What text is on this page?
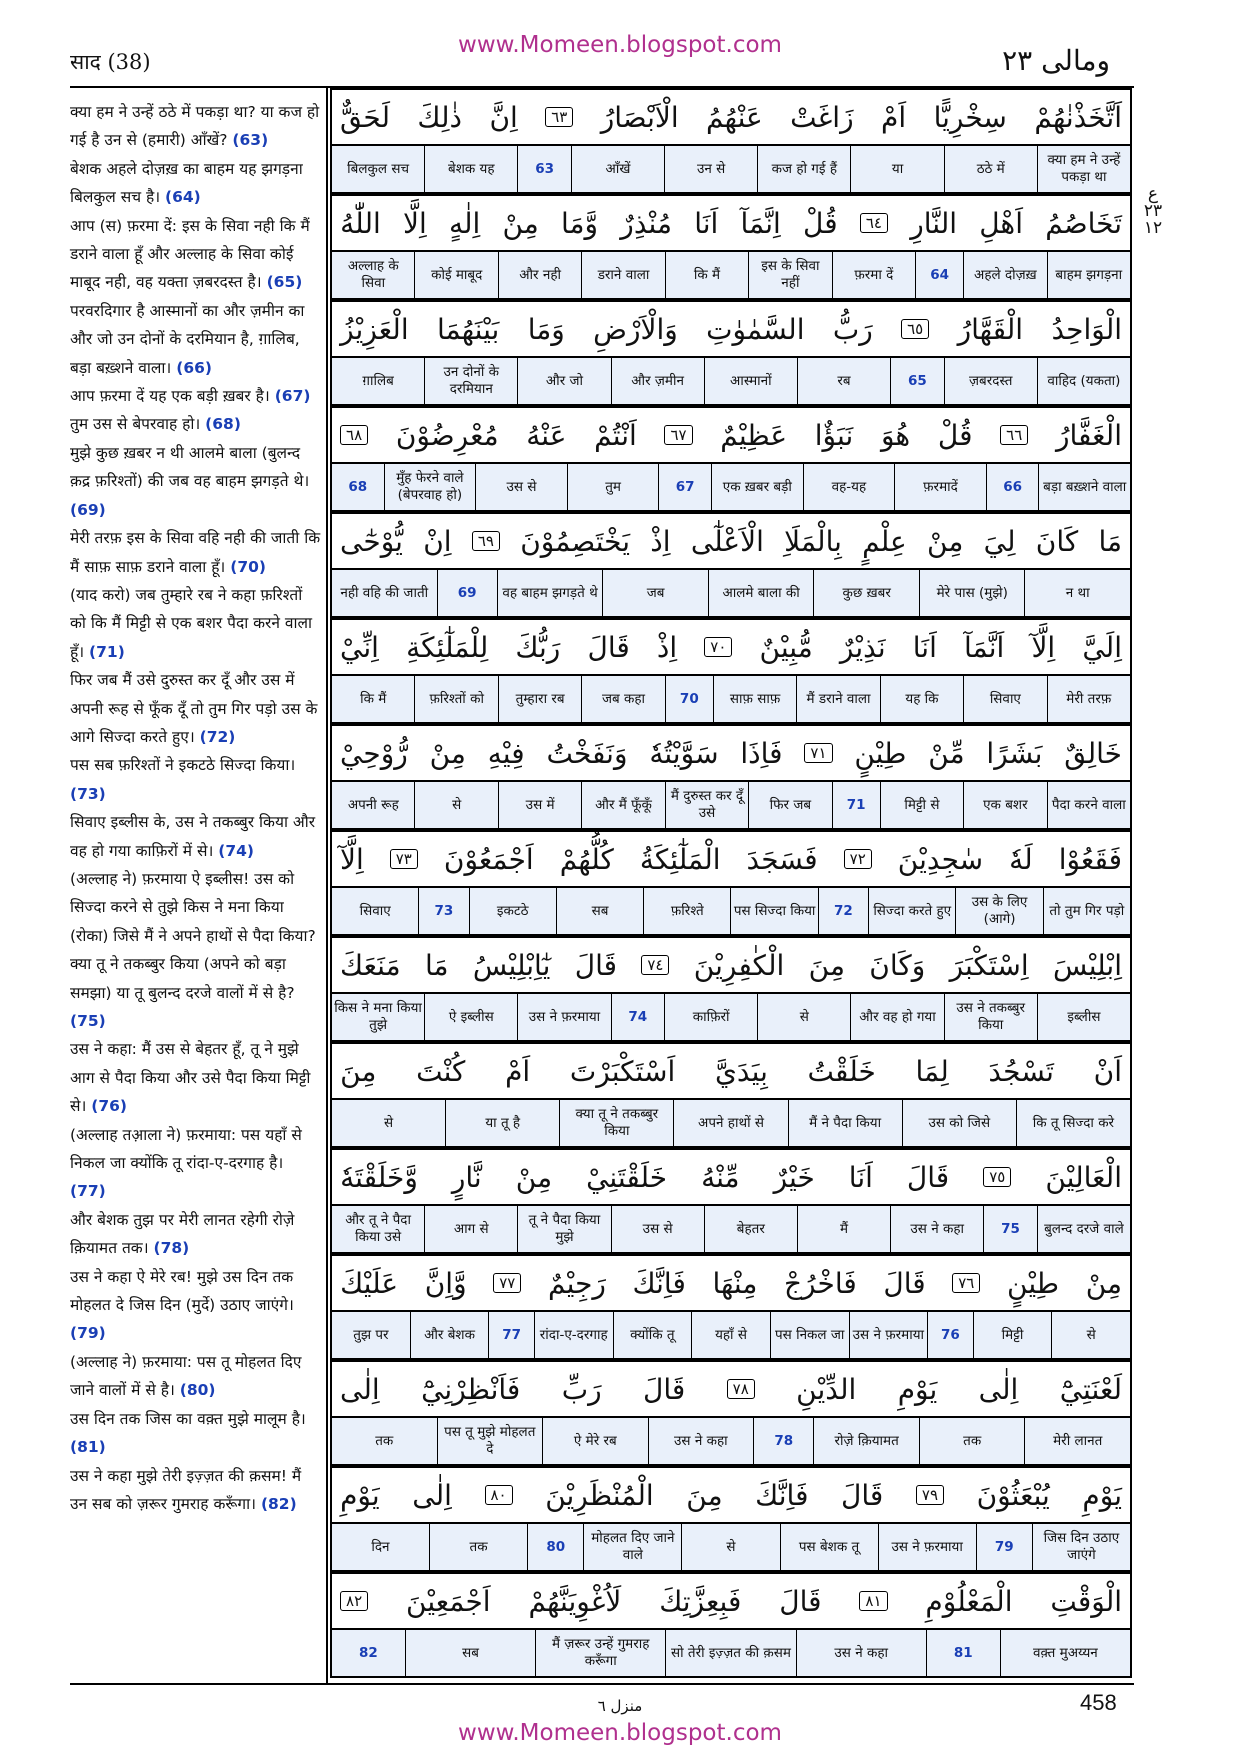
www.Momeen.blogspot.com
साद (38)	ومالى ٢٣
ع
٢٣
١٢

क्या हम ने उन्हें ठठे में पकड़ा था? या कज हो गई है उन से (हमारी) आँखें? (63)

बेशक अहले दोज़ख़ का बाहम यह झगड़ना बिलकुल सच है। (64)

आप (स) फ़रमा दें: इस के सिवा नही कि मैं डराने वाला हूँ और अल्लाह के सिवा कोई माबूद नही, वह यक्ता ज़बरदस्त है। (65)

परवरदिगार है आस्मानों का और ज़मीन का और जो उन दोनों के दरमियान है, ग़ालिब, बड़ा बख़्शने वाला। (66)

आप फ़रमा दें यह एक बड़ी ख़बर है। (67)

तुम उस से बेपरवाह हो। (68)

मुझे कुछ ख़बर न थी आलमे बाला (बुलन्द क़द्र फ़रिश्तों) की जब वह बाहम झगड़ते थे। (69)

मेरी तरफ़ इस के सिवा वहि नही की जाती कि मैं साफ़ साफ़ डराने वाला हूँ। (70)

(याद करो) जब तुम्हारे रब ने कहा फ़रिश्तों को कि मैं मिट्टी से एक बशर पैदा करने वाला हूँ। (71)

फिर जब मैं उसे दुरुस्त कर दूँ और उस में अपनी रूह से फूँक दूँ तो तुम गिर पड़ो उस के आगे सिज्दा करते हुए। (72)

पस सब फ़रिश्तों ने इकटठे सिज्दा किया। (73)

सिवाए इब्लीस के, उस ने तकब्बुर किया और वह हो गया काफ़िरों में से। (74)

(अल्लाह ने) फ़रमाया ऐ इब्लीस! उस को सिज्दा करने से तुझे किस ने मना किया (रोका) जिसे मैं ने अपने हाथों से पैदा किया? क्या तू ने तकब्बुर किया (अपने को बड़ा समझा) या तू बुलन्द दरजे वालों में से है? (75)

उस ने कहा: मैं उस से बेहतर हूँ, तू ने मुझे आग से पैदा किया और उसे पैदा किया मिट्टी से। (76)

(अल्लाह तआ़ला ने) फ़रमाया: पस यहाँ से निकल जा क्योंकि तू रांदा-ए-दरगाह है। (77)

और बेशक तुझ पर मेरी लानत रहेगी रोज़े क़ियामत तक। (78)

उस ने कहा ऐ मेरे रब! मुझे उस दिन तक मोहलत दे जिस दिन (मुर्दे) उठाए जाएंगे। (79)

(अल्लाह ने) फ़रमाया: पस तू मोहलत दिए जाने वालों में से है। (80)

उस दिन तक जिस का वक़्त मुझे मालूम है। (81)

उस ने कहा मुझे तेरी इज़्ज़त की क़सम! मैं उन सब को ज़रूर गुमराह करूँगा। (82)

اَتَّخَذْنٰهُمْ
سِخْرِيًّا
اَمْ
زَاغَتْ
عَنْهُمُ
الْاَبْصَارُ
٦٣
اِنَّ
ذٰلِكَ
لَحَقٌّ
क्या हम ने उन्हें पकड़ा था
ठठे में
या
कज हो गई हैं
उन से
आँखें
63
बेशक यह
बिलकुल सच
تَخَاصُمُ
اَهْلِ
النَّارِ
٦٤
قُلْ
اِنَّمَآ
اَنَا
مُنْذِرٌ
وَّمَا
مِنْ
اِلٰهٍ
اِلَّا
اللّٰهُ
बाहम झगड़ना
अहले दोज़ख़
64
फ़रमा दें
इस के सिवा नहीं
कि मैं
डराने वाला
और नही
कोई माबूद
अल्लाह के सिवा
الْوَاحِدُ
الْقَهَّارُ
٦٥
رَبُّ
السَّمٰوٰتِ
وَالْاَرْضِ
وَمَا
بَيْنَهُمَا
الْعَزِيْزُ
वाहिद (यकता)
ज़बरदस्त
65
रब
आस्मानों
और ज़मीन
और जो
उन दोनों के दरमियान
ग़ालिब
الْغَفَّارُ
٦٦
قُلْ
هُوَ
نَبَؤٌا
عَظِيْمٌ
٦٧
اَنْتُمْ
عَنْهُ
مُعْرِضُوْنَ
٦٨
बड़ा बख़्शने वाला
66
फ़रमादें
वह-यह
एक ख़बर बड़ी
67
तुम
उस से
मुँह फेरने वाले (बेपरवाह हो)
68
مَا
كَانَ
لِيَ
مِنْ
عِلْمٍ
بِالْمَلَاِ
الْاَعْلٰٓى
اِذْ
يَخْتَصِمُوْنَ
٦٩
اِنْ
يُّوْحٰٓى
न था
मेरे पास (मुझे)
कुछ ख़बर
आलमे बाला की
जब
वह बाहम झगड़ते थे
69
नही वहि की जाती
اِلَيَّ
اِلَّآ
اَنَّمَآ
اَنَا
نَذِيْرٌ
مُّبِيْنٌ
٧٠
اِذْ
قَالَ
رَبُّكَ
لِلْمَلٰٓئِكَةِ
اِنِّيْ
मेरी तरफ़
सिवाए
यह कि
मैं डराने वाला
साफ़ साफ़
70
जब कहा
तुम्हारा रब
फ़रिश्तों को
कि मैं
خَالِقٌ
بَشَرًا
مِّنْ
طِيْنٍ
٧١
فَاِذَا
سَوَّيْتُهٗ
وَنَفَخْتُ
فِيْهِ
مِنْ
رُّوْحِيْ
पैदा करने वाला
एक बशर
मिट्टी से
71
फिर जब
मैं दुरुस्त कर दूँ उसे
और मैं फूँकूँ
उस में
से
अपनी रूह
فَقَعُوْا
لَهٗ
سٰجِدِيْنَ
٧٢
فَسَجَدَ
الْمَلٰٓئِكَةُ
كُلُّهُمْ
اَجْمَعُوْنَ
٧٣
اِلَّآ
तो तुम गिर पड़ो
उस के लिए (आगे)
सिज्दा करते हुए
72
पस सिज्दा किया
फ़रिश्ते
सब
इकटठे
73
सिवाए
اِبْلِيْسَ
اِسْتَكْبَرَ
وَكَانَ
مِنَ
الْكٰفِرِيْنَ
٧٤
قَالَ
يٰٓاِبْلِيْسُ
مَا
مَنَعَكَ
इब्लीस
उस ने तकब्बुर किया
और वह हो गया
से
काफ़िरों
74
उस ने फ़रमाया
ऐ इब्लीस
किस ने मना किया तुझे
اَنْ
تَسْجُدَ
لِمَا
خَلَقْتُ
بِيَدَيَّ
اَسْتَكْبَرْتَ
اَمْ
كُنْتَ
مِنَ
कि तू सिज्दा करे
उस को जिसे
मैं ने पैदा किया
अपने हाथों से
क्या तू ने तकब्बुर किया
या तू है
से
الْعَالِيْنَ
٧٥
قَالَ
اَنَا
خَيْرٌ
مِّنْهُ
خَلَقْتَنِيْ
مِنْ
نَّارٍ
وَّخَلَقْتَهٗ
बुलन्द दरजे वाले
75
उस ने कहा
मैं
बेहतर
उस से
तू ने पैदा किया मुझे
आग से
और तू ने पैदा किया उसे
مِنْ
طِيْنٍ
٧٦
قَالَ
فَاخْرُجْ
مِنْهَا
فَاِنَّكَ
رَجِيْمٌ
٧٧
وَّاِنَّ
عَلَيْكَ
से
मिट्टी
76
उस ने फ़रमाया
पस निकल जा
यहाँ से
क्योंकि तू
रांदा-ए-दरगाह
77
और बेशक
तुझ पर
لَعْنَتِيْٓ
اِلٰى
يَوْمِ
الدِّيْنِ
٧٨
قَالَ
رَبِّ
فَاَنْظِرْنِيْٓ
اِلٰى
मेरी लानत
तक
रोज़े क़ियामत
78
उस ने कहा
ऐ मेरे रब
पस तू मुझे मोहलत दे
तक
يَوْمِ
يُبْعَثُوْنَ
٧٩
قَالَ
فَاِنَّكَ
مِنَ
الْمُنْظَرِيْنَ
٨٠
اِلٰى
يَوْمِ
जिस दिन उठाए जाएंगे
79
उस ने फ़रमाया
पस बेशक तू
से
मोहलत दिए जाने वाले
80
तक
दिन
الْوَقْتِ
الْمَعْلُوْمِ
٨١
قَالَ
فَبِعِزَّتِكَ
لَاُغْوِيَنَّهُمْ
اَجْمَعِيْنَ
٨٢
वक़्त मुअय्यन
81
उस ने कहा
सो तेरी इज़्ज़त की क़सम
मैं ज़रूर उन्हें गुमराह करूँगा
सब
82
458
منزل ٦
www.Momeen.blogspot.com
